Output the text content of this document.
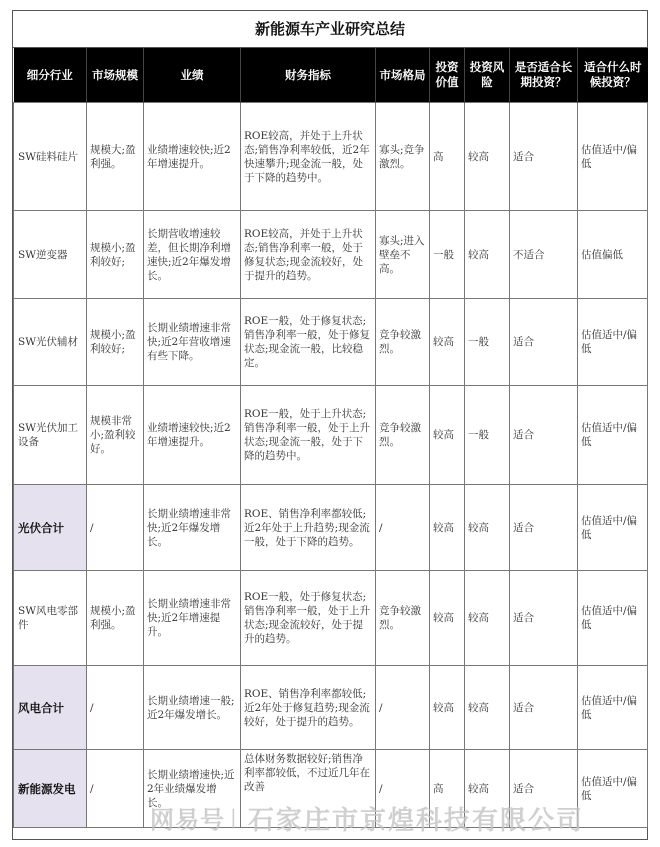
新能源车产业研究总结
细分行业	市场规模	业绩	财务指标	市场格局	投资价值	投资风险	是否适合长期投资？	适合什么时候投资？
SW硅料硅片	规模大;盈利强。	业绩增速较快;近2年增速提升。	ROE较高，并处于上升状态;销售净利率较低，近2年快速攀升;现金流一般，处于下降的趋势中。	寡头;竞争激烈。	高	较高	适合	估值适中/偏低
SW逆变器	规模小;盈利较好;	长期营收增速较差，但长期净利增速快;近2年爆发增长。	ROE较高，并处于上升状态;销售净利率一般，处于修复状态;现金流较好，处于提升的趋势。	寡头;进入壁垒不高。	一般	较高	不适合	估值偏低
SW光伏辅材	规模小;盈利较好;	长期业绩增速非常快;近2年营收增速有些下降。	ROE一般，处于修复状态;销售净利率一般，处于修复状态;现金流一般，比较稳定。	竞争较激烈。	较高	一般	适合	估值适中/偏低
SW光伏加工设备	规模非常小;盈利较好。	业绩增速较快;近2年增速提升。	ROE一般，处于上升状态;销售净利率一般，处于上升状态;现金流一般，处于下降的趋势中。	竞争较激烈。	较高	一般	适合	估值适中/偏低
光伏合计	/	长期业绩增速非常快;近2年爆发增长。	ROE、销售净利率都较低;近2年处于上升趋势;现金流一般，处于下降的趋势。	/	较高	较高	适合	估值适中/偏低
SW风电零部件	规模小;盈利强。	长期业绩增速非常快;近2年增速提升。	ROE一般，处于修复状态;销售净利率一般，处于上升状态;现金流较好，处于提升的趋势。	竞争较激烈。	较高	较高	适合	估值适中/偏低
风电合计	/	长期业绩增速一般;近2年爆发增长。	ROE、销售净利率都较低;近2年处于修复趋势;现金流较好，处于提升的趋势。	/	较高	较高	适合	估值适中/偏低
新能源发电	/	长期业绩增速快;近2年业绩爆发增长。	总体财务数据较好;销售净利率都较低，不过近几年在改善	/	高	较高	适合	估值适中/偏低
网易号 | 石家庄市京煌科技有限公司
